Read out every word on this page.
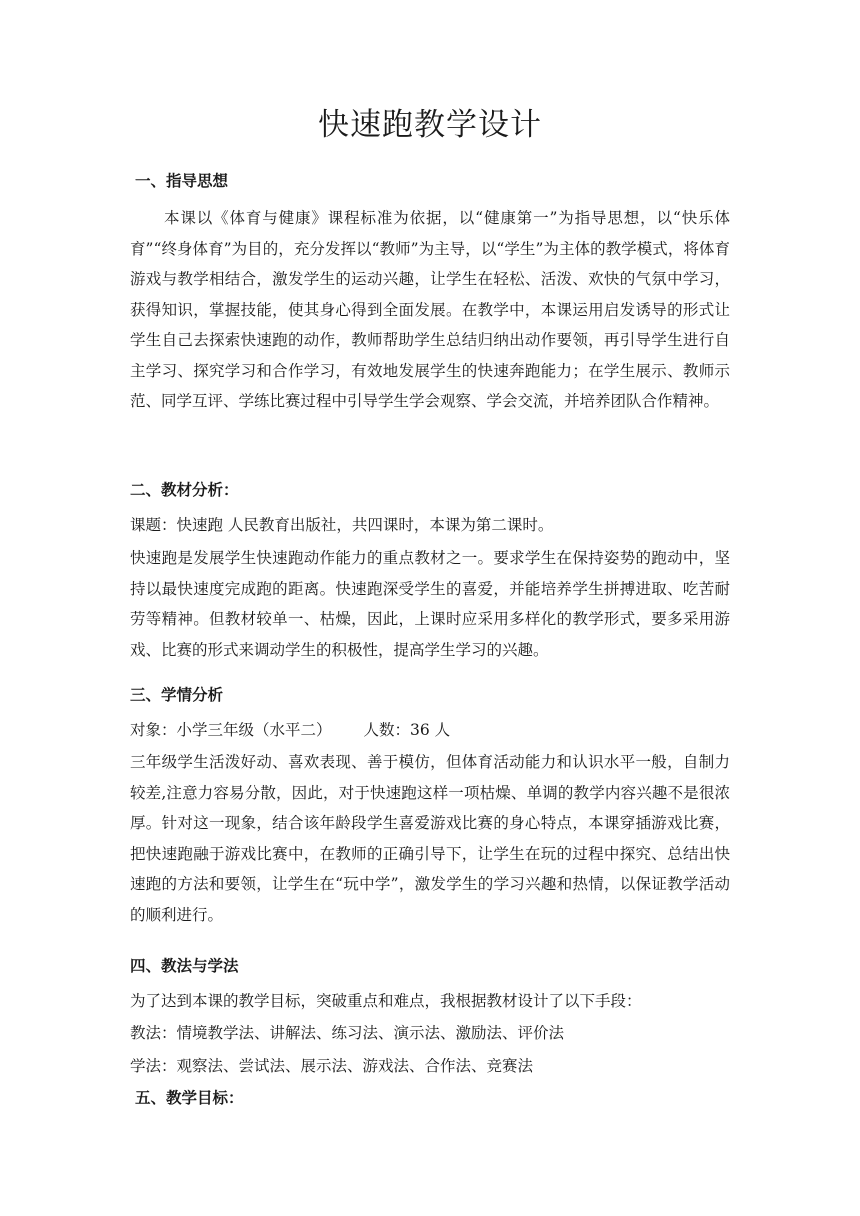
快速跑教学设计
一、指导思想
本课以《体育与健康》课程标准为依据，以“健康第一”为指导思想，以“快乐体育”“终身体育”为目的，充分发挥以“教师”为主导，以“学生”为主体的教学模式，将体育游戏与教学相结合，激发学生的运动兴趣，让学生在轻松、活泼、欢快的气氛中学习，获得知识，掌握技能，使其身心得到全面发展。在教学中，本课运用启发诱导的形式让学生自己去探索快速跑的动作，教师帮助学生总结归纳出动作要领，再引导学生进行自主学习、探究学习和合作学习，有效地发展学生的快速奔跑能力；在学生展示、教师示范、同学互评、学练比赛过程中引导学生学会观察、学会交流，并培养团队合作精神。
二、教材分析：
课题：快速跑 人民教育出版社，共四课时，本课为第二课时。
快速跑是发展学生快速跑动作能力的重点教材之一。要求学生在保持姿势的跑动中，坚持以最快速度完成跑的距离。快速跑深受学生的喜爱，并能培养学生拼搏进取、吃苦耐劳等精神。但教材较单一、枯燥，因此，上课时应采用多样化的教学形式，要多采用游戏、比赛的形式来调动学生的积极性，提高学生学习的兴趣。
三、学情分析
对象：小学三年级（水平二） 人数：36 人
三年级学生活泼好动、喜欢表现、善于模仿，但体育活动能力和认识水平一般，自制力较差,注意力容易分散，因此，对于快速跑这样一项枯燥、单调的教学内容兴趣不是很浓厚。针对这一现象，结合该年龄段学生喜爱游戏比赛的身心特点，本课穿插游戏比赛，把快速跑融于游戏比赛中，在教师的正确引导下，让学生在玩的过程中探究、总结出快速跑的方法和要领，让学生在“玩中学”，激发学生的学习兴趣和热情，以保证教学活动的顺利进行。
四、教法与学法
为了达到本课的教学目标，突破重点和难点，我根据教材设计了以下手段：
教法：情境教学法、讲解法、练习法、演示法、激励法、评价法
学法：观察法、尝试法、展示法、游戏法、合作法、竞赛法
五、教学目标：
